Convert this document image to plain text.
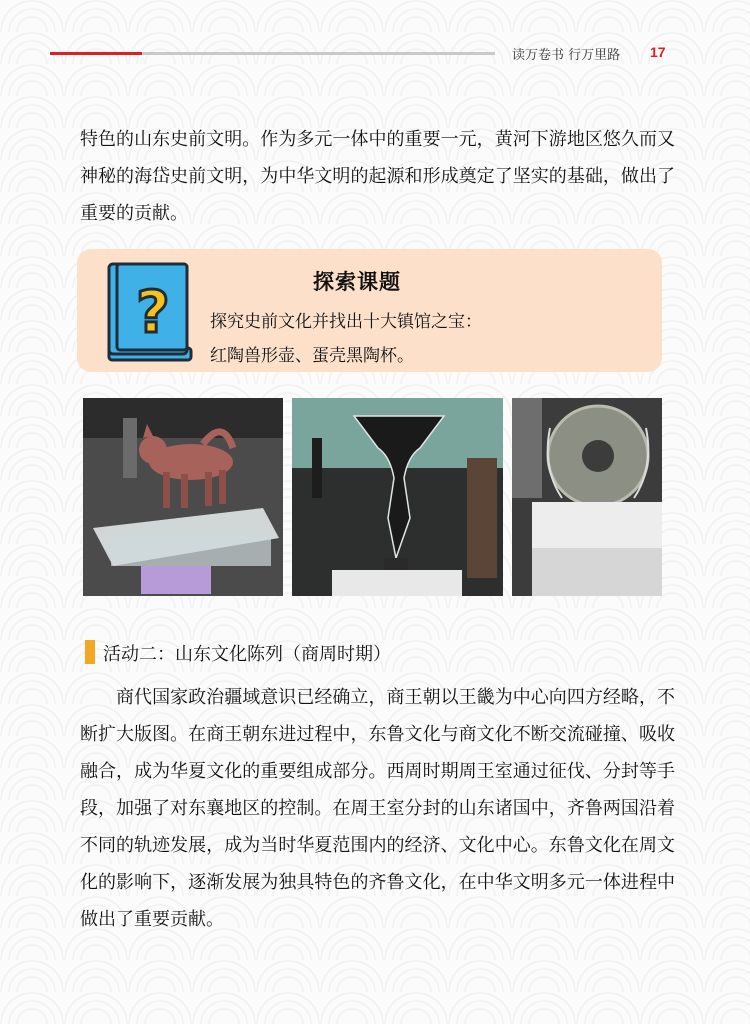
读万卷书 行万里路 17

特色的山东史前文明。作为多元一体中的重要一元，黄河下游地区悠久而又神秘的海岱史前文明，为中华文明的起源和形成奠定了坚实的基础，做出了重要的贡献。

?	探索课题

探究史前文化并找出十大镇馆之宝：

红陶兽形壶、蛋壳黑陶杯。

活动二：山东文化陈列（商周时期）

商代国家政治疆域意识已经确立，商王朝以王畿为中心向四方经略，不断扩大版图。在商王朝东进过程中，东鲁文化与商文化不断交流碰撞、吸收融合，成为华夏文化的重要组成部分。西周时期周王室通过征伐、分封等手段，加强了对东襄地区的控制。在周王室分封的山东诸国中，齐鲁两国沿着不同的轨迹发展，成为当时华夏范围内的经济、文化中心。东鲁文化在周文化的影响下，逐渐发展为独具特色的齐鲁文化，在中华文明多元一体进程中做出了重要贡献。
